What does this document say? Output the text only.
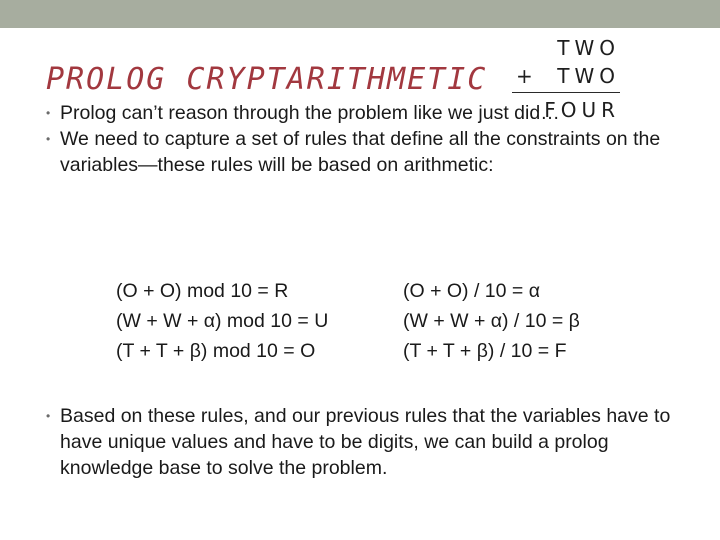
PROLOG CRYPTARITHMETIC
TWO
+ TWO
FOUR
• Prolog can’t reason through the problem like we just did…
• We need to capture a set of rules that define all the constraints on the variables—these rules will be based on arithmetic:
(O + O) mod 10 = R
(W + W + α) mod 10 = U
(T + T + β) mod 10 = O
(O + O) / 10 = α
(W + W + α) / 10 = β
(T + T + β) / 10 = F
• Based on these rules, and our previous rules that the variables have to have unique values and have to be digits, we can build a prolog knowledge base to solve the problem.
